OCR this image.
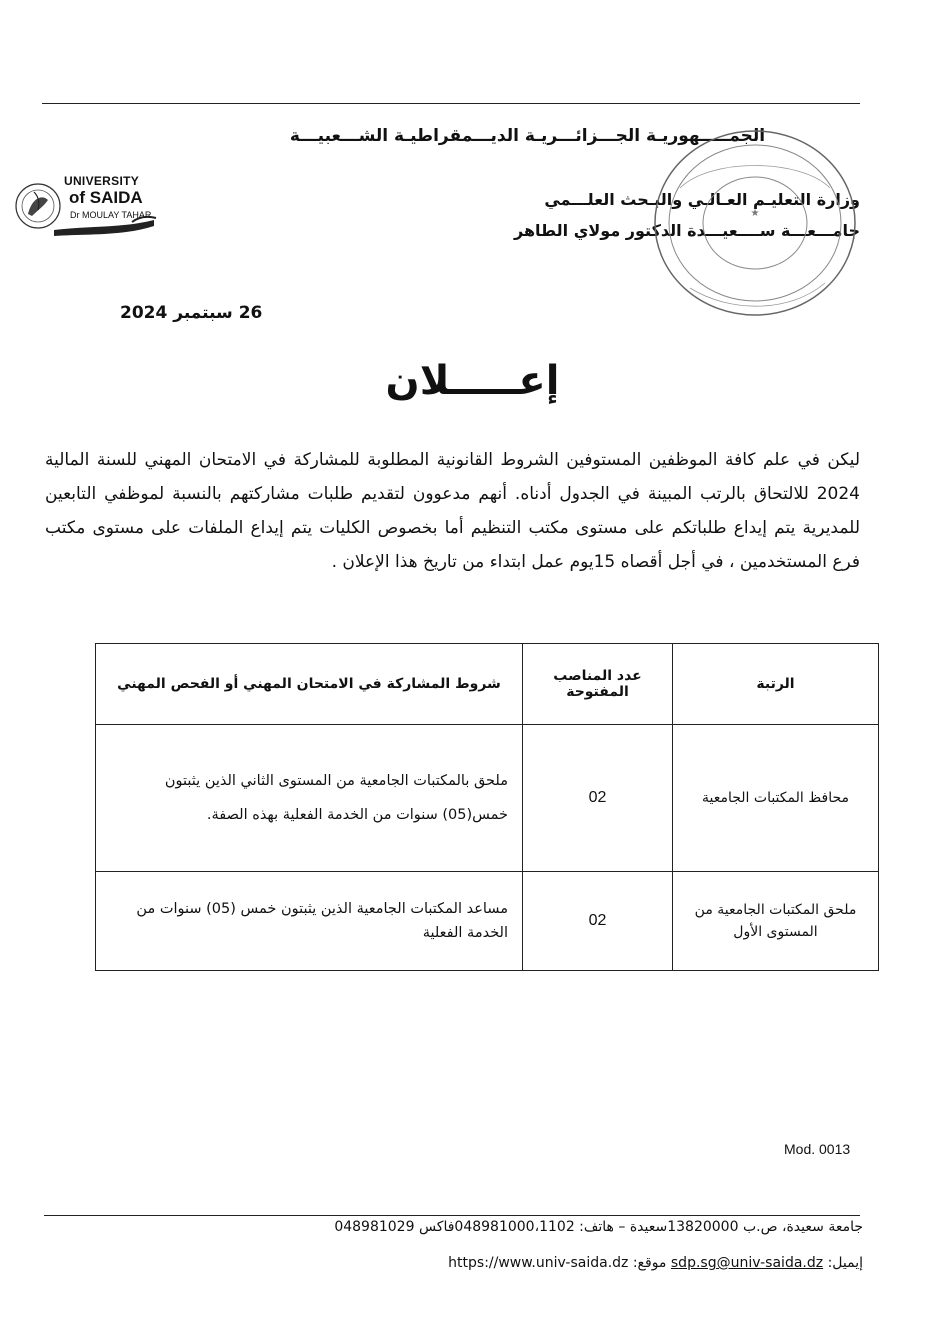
الجمـــــهوريـة الجـــزائـــريـة الديـــمقراطيـة الشـــعبيـــة
وزارة التعليـم العـالـي والبـحث العلـــمي
جامـــعـــة ســــعيـــدة الدكتور مولاي الطاهر
UNIVERSITY
of SAIDA
Dr MOULAY TAHAR	★
26 سبتمبر 2024
إعـــــلان
ليكن في علم كافة الموظفين المستوفين الشروط القانونية المطلوبة للمشاركة في الامتحان المهني للسنة المالية 2024 للالتحاق بالرتب المبينة في الجدول أدناه. أنهم مدعوون لتقديم طلبات مشاركتهم بالنسبة لموظفي التابعين للمديرية يتم إيداع طلباتكم على مستوى مكتب التنظيم أما بخصوص الكليات يتم إيداع الملفات على مستوى مكتب فرع المستخدمين ، في أجل أقصاه 15يوم عمل ابتداء من تاريخ هذا الإعلان .
الرتبة	عدد المناصب المفتوحة	شروط المشاركة في الامتحان المهني أو الفحص المهني
محافظ المكتبات الجامعية	02	ملحق بالمكتبات الجامعية من المستوى الثاني الذين يثبتون خمس(05) سنوات من الخدمة الفعلية بهذه الصفة.
ملحق المكتبات الجامعية من المستوى الأول	02	مساعد المكتبات الجامعية الذين يثبتون خمس (05) سنوات من الخدمة الفعلية
Mod. 0013
جامعة سعيدة، ص.ب 13820000سعيدة – هاتف: 048981000،1102فاكس 048981029
إيميل: sdp.sg@univ-saida.dz موقع: https://www.univ-saida.dz
